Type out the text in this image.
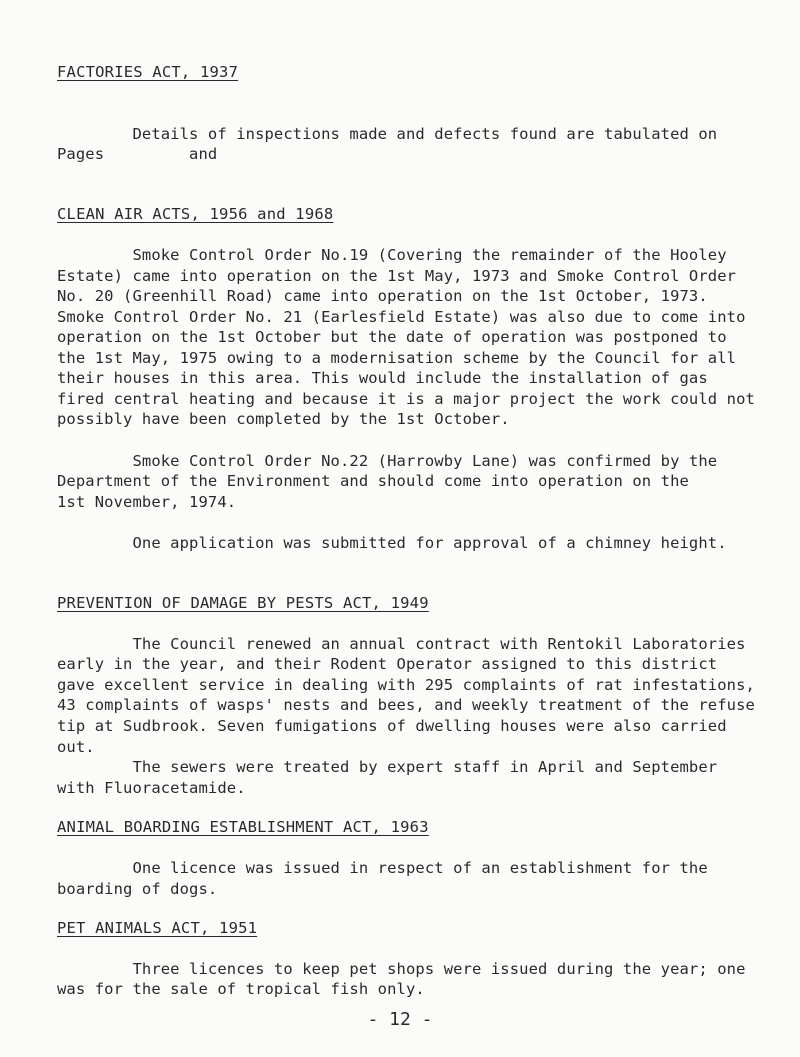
FACTORIES ACT, 1937

Details of inspections made and defects found are tabulated on
Pages         and

CLEAN AIR ACTS, 1956 and 1968

Smoke Control Order No.19 (Covering the remainder of the Hooley
Estate) came into operation on the 1st May, 1973 and Smoke Control Order
No. 20 (Greenhill Road) came into operation on the 1st October, 1973.
Smoke Control Order No. 21 (Earlesfield Estate) was also due to come into
operation on the 1st October but the date of operation was postponed to
the 1st May, 1975 owing to a modernisation scheme by the Council for all
their houses in this area. This would include the installation of gas
fired central heating and because it is a major project the work could not
possibly have been completed by the 1st October.

Smoke Control Order No.22 (Harrowby Lane) was confirmed by the
Department of the Environment and should come into operation on the
1st November, 1974.

One application was submitted for approval of a chimney height.

PREVENTION OF DAMAGE BY PESTS ACT, 1949

The Council renewed an annual contract with Rentokil Laboratories
early in the year, and their Rodent Operator assigned to this district
gave excellent service in dealing with 295 complaints of rat infestations,
43 complaints of wasps' nests and bees, and weekly treatment of the refuse
tip at Sudbrook. Seven fumigations of dwelling houses were also carried
out.

The sewers were treated by expert staff in April and September
with Fluoracetamide.

ANIMAL BOARDING ESTABLISHMENT ACT, 1963

One licence was issued in respect of an establishment for the
boarding of dogs.

PET ANIMALS ACT, 1951

Three licences to keep pet shops were issued during the year; one
was for the sale of tropical fish only.

- 12 -
